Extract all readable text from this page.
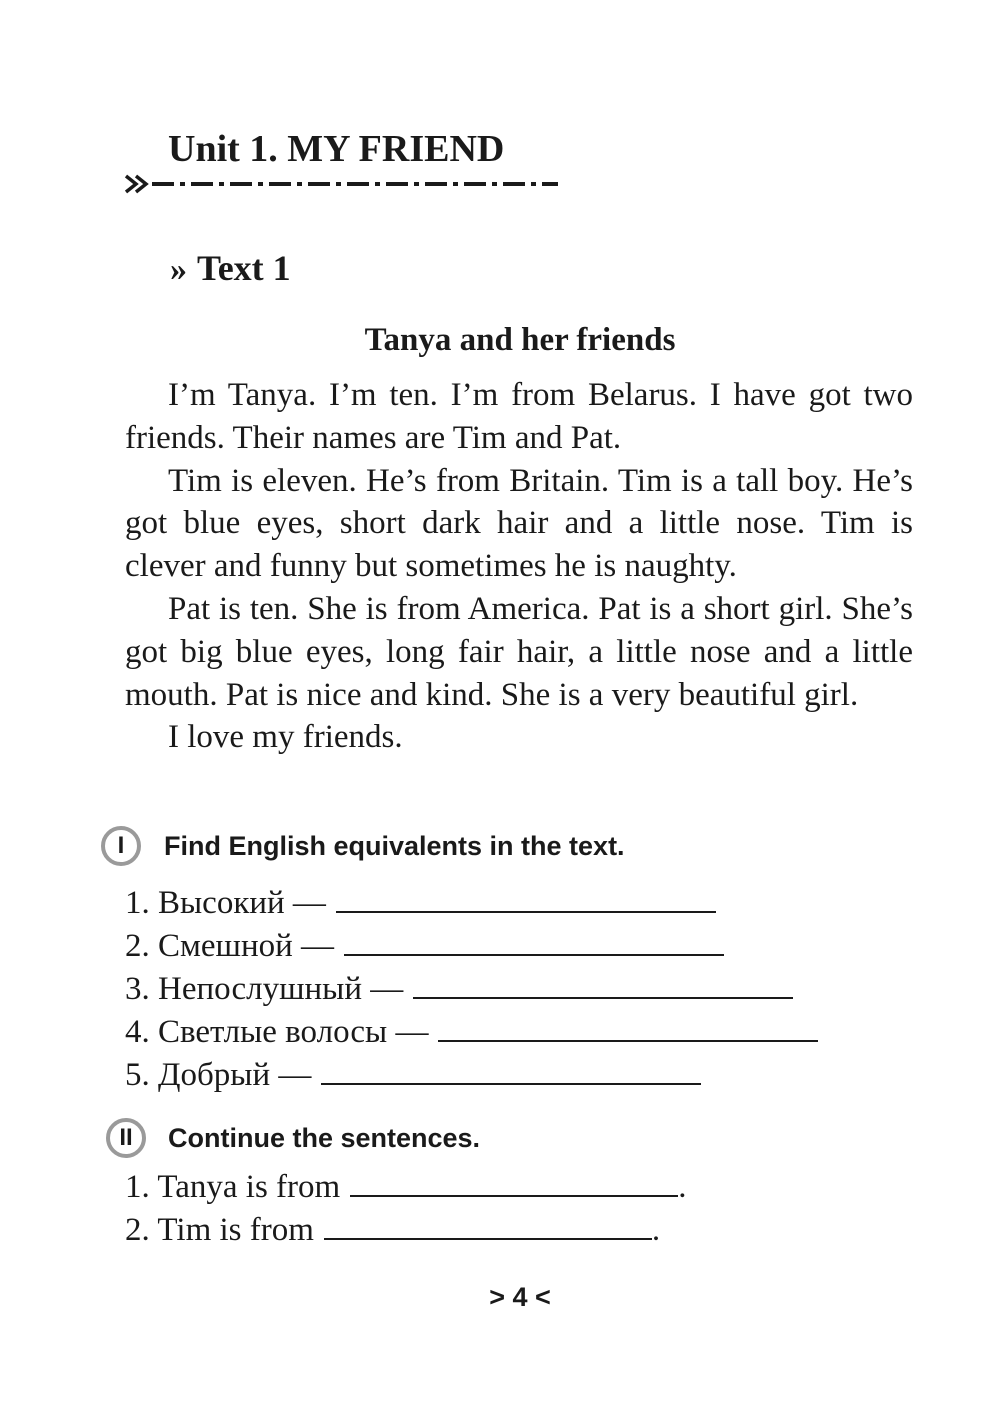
Unit 1. MY FRIEND
» Text 1
Tanya and her friends

I’m Tanya. I’m ten. I’m from Belarus. I have got two friends. Their names are Tim and Pat.

Tim is eleven. He’s from Britain. Tim is a tall boy. He’s got blue eyes, short dark hair and a little nose. Tim is clever and funny but sometimes he is naughty.

Pat is ten. She is from America. Pat is a short girl. She’s got big blue eyes, long fair hair, a little nose and a little mouth. Pat is nice and kind. She is a very beautiful girl.

I love my friends.

I	Find English equivalents in the text.
1. Высокий —
2. Смешной —
3. Непослушный —
4. Светлые волосы —
5. Добрый —
II	Continue the sentences.
1. Tanya is from	.
2. Tim is from	.
> 4 <
